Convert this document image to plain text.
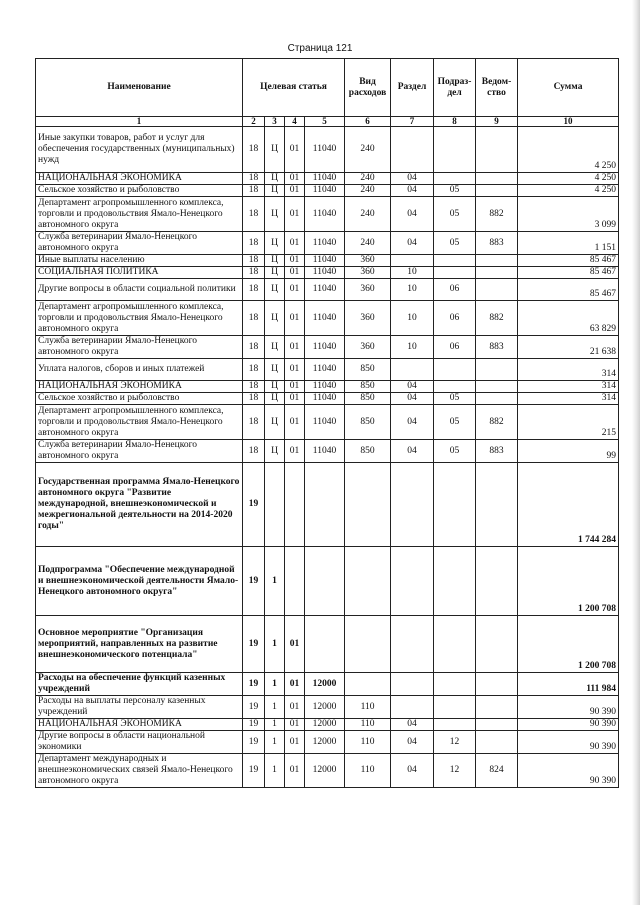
Страница 121
Наименование	Целевая статья				Вид расходов	Раздел	Подраз-дел	Ведом-ство	Сумма
1	2	3	4	5	6	7	8	9	10
Иные закупки товаров, работ и услуг для обеспечения государственных (муниципальных) нужд	18	Ц	01	11040	240				4 250
НАЦИОНАЛЬНАЯ ЭКОНОМИКА	18	Ц	01	11040	240	04			4 250
Сельское хозяйство и рыболовство	18	Ц	01	11040	240	04	05		4 250
Департамент агропромышленного комплекса, торговли и продовольствия Ямало-Ненецкого автономного округа	18	Ц	01	11040	240	04	05	882	3 099
Служба ветеринарии Ямало-Ненецкого автономного округа	18	Ц	01	11040	240	04	05	883	1 151
Иные выплаты населению	18	Ц	01	11040	360				85 467
СОЦИАЛЬНАЯ ПОЛИТИКА	18	Ц	01	11040	360	10			85 467
Другие вопросы в области социальной политики	18	Ц	01	11040	360	10	06		85 467
Департамент агропромышленного комплекса, торговли и продовольствия Ямало-Ненецкого автономного округа	18	Ц	01	11040	360	10	06	882	63 829
Служба ветеринарии Ямало-Ненецкого автономного округа	18	Ц	01	11040	360	10	06	883	21 638
Уплата налогов, сборов и иных платежей	18	Ц	01	11040	850				314
НАЦИОНАЛЬНАЯ ЭКОНОМИКА	18	Ц	01	11040	850	04			314
Сельское хозяйство и рыболовство	18	Ц	01	11040	850	04	05		314
Департамент агропромышленного комплекса, торговли и продовольствия Ямало-Ненецкого автономного округа	18	Ц	01	11040	850	04	05	882	215
Служба ветеринарии Ямало-Ненецкого автономного округа	18	Ц	01	11040	850	04	05	883	99
Государственная программа Ямало-Ненецкого автономного округа "Развитие международной, внешнеэкономической и межрегиональной деятельности на 2014-2020 годы"	19								1 744 284
Подпрограмма "Обеспечение международной и внешнеэкономической деятельности Ямало-Ненецкого автономного округа"	19	1							1 200 708
Основное мероприятие "Организация мероприятий, направленных на развитие внешнеэкономического потенциала"	19	1	01						1 200 708
Расходы на обеспечение функций казенных учреждений	19	1	01	12000					111 984
Расходы на выплаты персоналу казенных учреждений	19	1	01	12000	110				90 390
НАЦИОНАЛЬНАЯ ЭКОНОМИКА	19	1	01	12000	110	04			90 390
Другие вопросы в области национальной экономики	19	1	01	12000	110	04	12		90 390
Департамент международных и внешнеэкономических связей Ямало-Ненецкого автономного округа	19	1	01	12000	110	04	12	824	90 390
